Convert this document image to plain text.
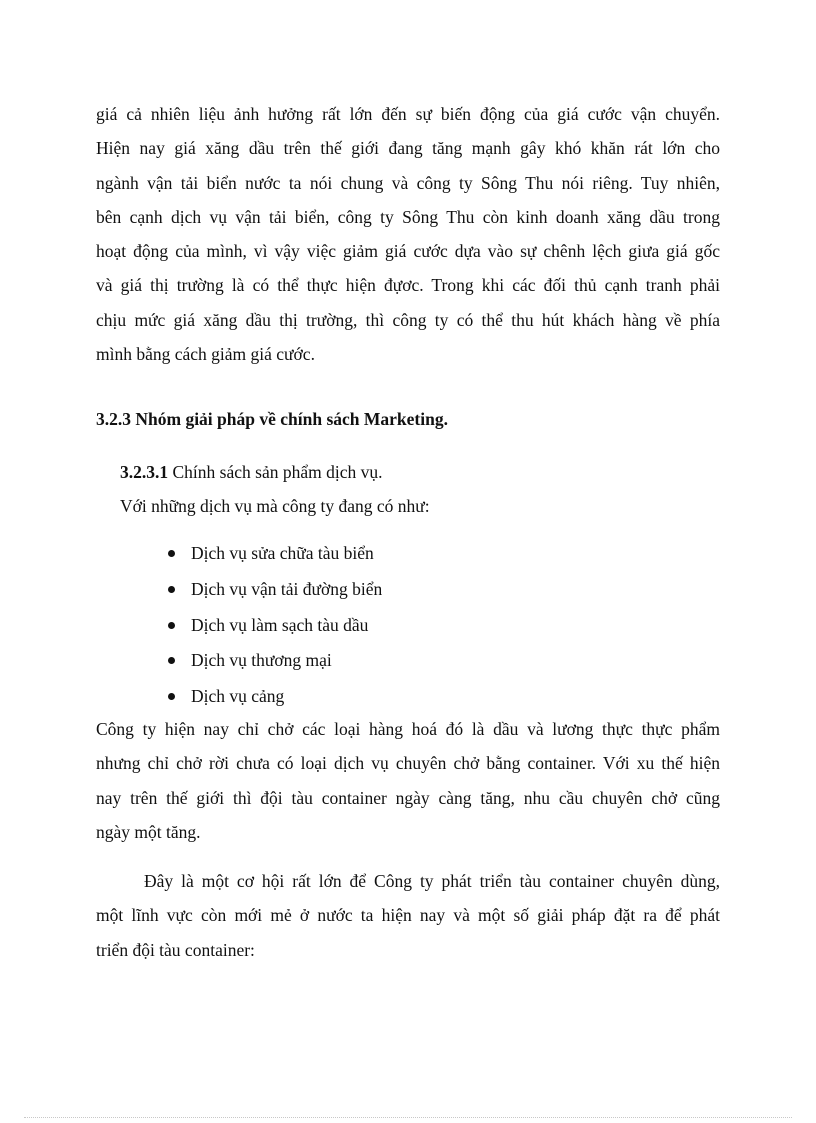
giá cả nhiên liệu ảnh hưởng rất lớn đến sự biến động của giá cước vận chuyển.
Hiện nay giá xăng dầu trên thế giới đang tăng mạnh gây khó khăn rát lớn cho
ngành vận tải biển nước ta nói chung và công ty Sông Thu nói riêng. Tuy nhiên,
bên cạnh dịch vụ vận tải biển, công ty Sông Thu còn kinh doanh xăng dầu trong
hoạt động của mình, vì vậy việc giảm giá cước dựa vào sự chênh lệch giưa giá gốc
và giá thị trường là có thể thực hiện đựơc. Trong khi các đối thủ cạnh tranh phải
chịu mức giá xăng dầu thị trường, thì công ty có thể thu hút khách hàng về phía
mình bằng cách giảm giá cước.
3.2.3 Nhóm giải pháp về chính sách Marketing.
3.2.3.1 Chính sách sản phẩm dịch vụ.
Với những dịch vụ mà công ty đang có như:
Dịch vụ sửa chữa tàu biển
Dịch vụ vận tải đường biển
Dịch vụ làm sạch tàu dầu
Dịch vụ thương mại
Dịch vụ cảng
Công ty hiện nay chỉ chở các loại hàng hoá đó là dầu và lương thực thực phẩm
nhưng chỉ chở rời chưa có loại dịch vụ chuyên chở bằng container. Với xu thế hiện
nay trên thế giới thì đội tàu container ngày càng tăng, nhu cầu chuyên chở cũng
ngày một tăng.
Đây là một cơ hội rất lớn để Công ty phát triển tàu container chuyên dùng,
một lĩnh vực còn mới mẻ ở nước ta hiện nay và một số giải pháp đặt ra để phát
triển đội tàu container:
